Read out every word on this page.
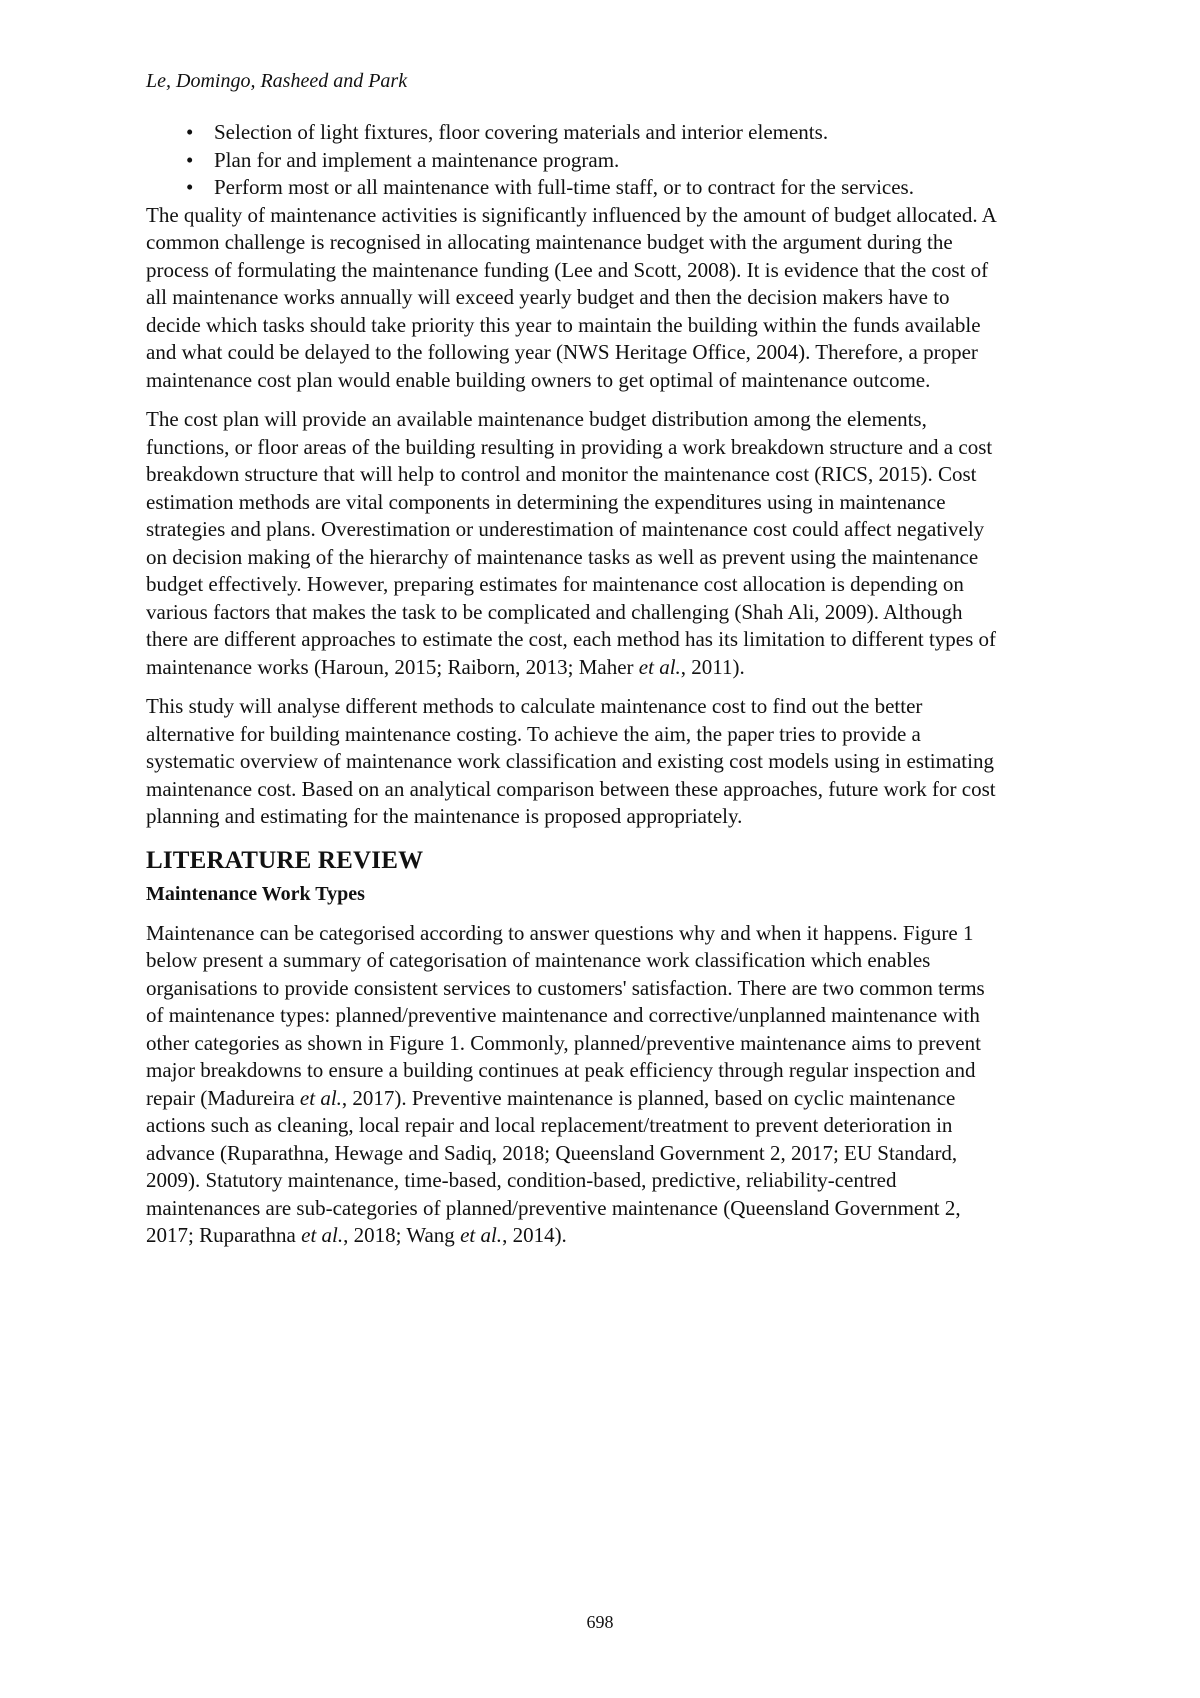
Le, Domingo, Rasheed and Park
• Selection of light fixtures, floor covering materials and interior elements.
• Plan for and implement a maintenance program.
• Perform most or all maintenance with full-time staff, or to contract for the services.

The quality of maintenance activities is significantly influenced by the amount of budget allocated. A common challenge is recognised in allocating maintenance budget with the argument during the process of formulating the maintenance funding (Lee and Scott, 2008). It is evidence that the cost of all maintenance works annually will exceed yearly budget and then the decision makers have to decide which tasks should take priority this year to maintain the building within the funds available and what could be delayed to the following year (NWS Heritage Office, 2004). Therefore, a proper maintenance cost plan would enable building owners to get optimal of maintenance outcome.

The cost plan will provide an available maintenance budget distribution among the elements, functions, or floor areas of the building resulting in providing a work breakdown structure and a cost breakdown structure that will help to control and monitor the maintenance cost (RICS, 2015). Cost estimation methods are vital components in determining the expenditures using in maintenance strategies and plans. Overestimation or underestimation of maintenance cost could affect negatively on decision making of the hierarchy of maintenance tasks as well as prevent using the maintenance budget effectively. However, preparing estimates for maintenance cost allocation is depending on various factors that makes the task to be complicated and challenging (Shah Ali, 2009). Although there are different approaches to estimate the cost, each method has its limitation to different types of maintenance works (Haroun, 2015; Raiborn, 2013; Maher et al., 2011).

This study will analyse different methods to calculate maintenance cost to find out the better alternative for building maintenance costing. To achieve the aim, the paper tries to provide a systematic overview of maintenance work classification and existing cost models using in estimating maintenance cost. Based on an analytical comparison between these approaches, future work for cost planning and estimating for the maintenance is proposed appropriately.

LITERATURE REVIEW
Maintenance Work Types

Maintenance can be categorised according to answer questions why and when it happens. Figure 1 below present a summary of categorisation of maintenance work classification which enables organisations to provide consistent services to customers' satisfaction. There are two common terms of maintenance types: planned/preventive maintenance and corrective/unplanned maintenance with other categories as shown in Figure 1. Commonly, planned/preventive maintenance aims to prevent major breakdowns to ensure a building continues at peak efficiency through regular inspection and repair (Madureira et al., 2017). Preventive maintenance is planned, based on cyclic maintenance actions such as cleaning, local repair and local replacement/treatment to prevent deterioration in advance (Ruparathna, Hewage and Sadiq, 2018; Queensland Government 2, 2017; EU Standard, 2009). Statutory maintenance, time-based, condition-based, predictive, reliability-centred maintenances are sub-categories of planned/preventive maintenance (Queensland Government 2, 2017; Ruparathna et al., 2018; Wang et al., 2014).

698
